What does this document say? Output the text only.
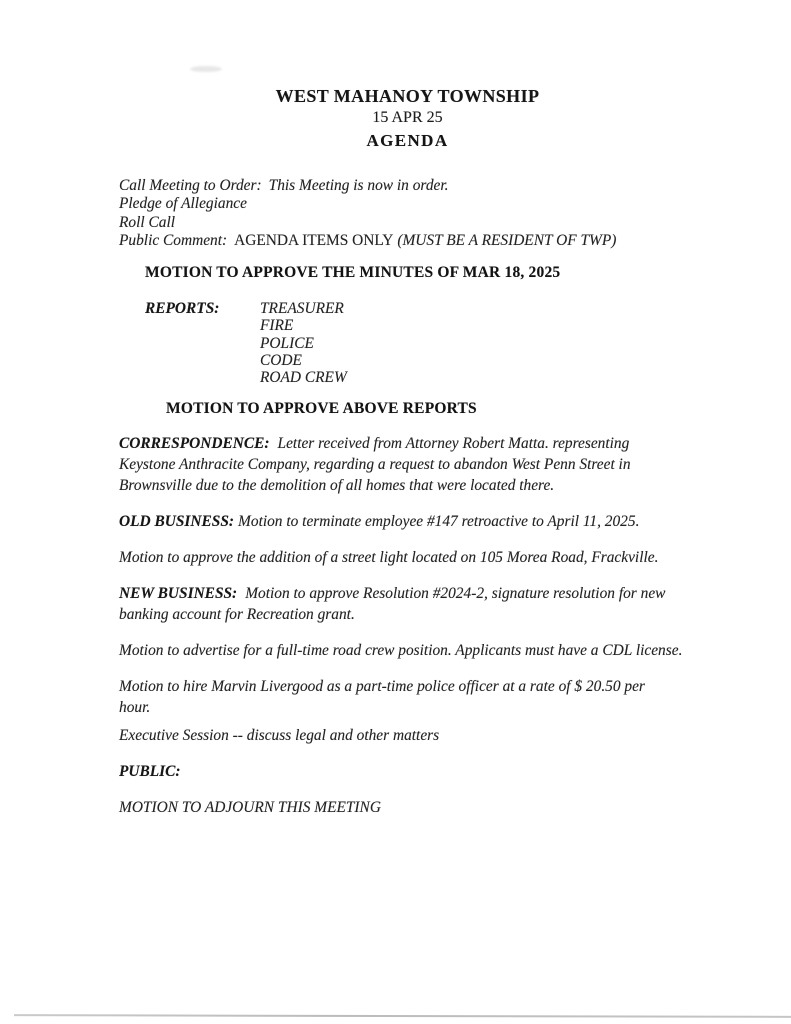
WEST MAHANOY TOWNSHIP
15 APR 25
AGENDA
Call Meeting to Order: This Meeting is now in order.
Pledge of Allegiance
Roll Call
Public Comment: AGENDA ITEMS ONLY (MUST BE A RESIDENT OF TWP)
MOTION TO APPROVE THE MINUTES OF MAR 18, 2025
REPORTS:	TREASURER
FIRE
POLICE
CODE
ROAD CREW
MOTION TO APPROVE ABOVE REPORTS

CORRESPONDENCE: Letter received from Attorney Robert Matta. representing Keystone Anthracite Company, regarding a request to abandon West Penn Street in Brownsville due to the demolition of all homes that were located there.

OLD BUSINESS: Motion to terminate employee #147 retroactive to April 11, 2025.

Motion to approve the addition of a street light located on 105 Morea Road, Frackville.

NEW BUSINESS: Motion to approve Resolution #2024-2, signature resolution for new banking account for Recreation grant.

Motion to advertise for a full-time road crew position. Applicants must have a CDL license.

Motion to hire Marvin Livergood as a part-time police officer at a rate of $ 20.50 per hour.

Executive Session -- discuss legal and other matters

PUBLIC:

MOTION TO ADJOURN THIS MEETING
